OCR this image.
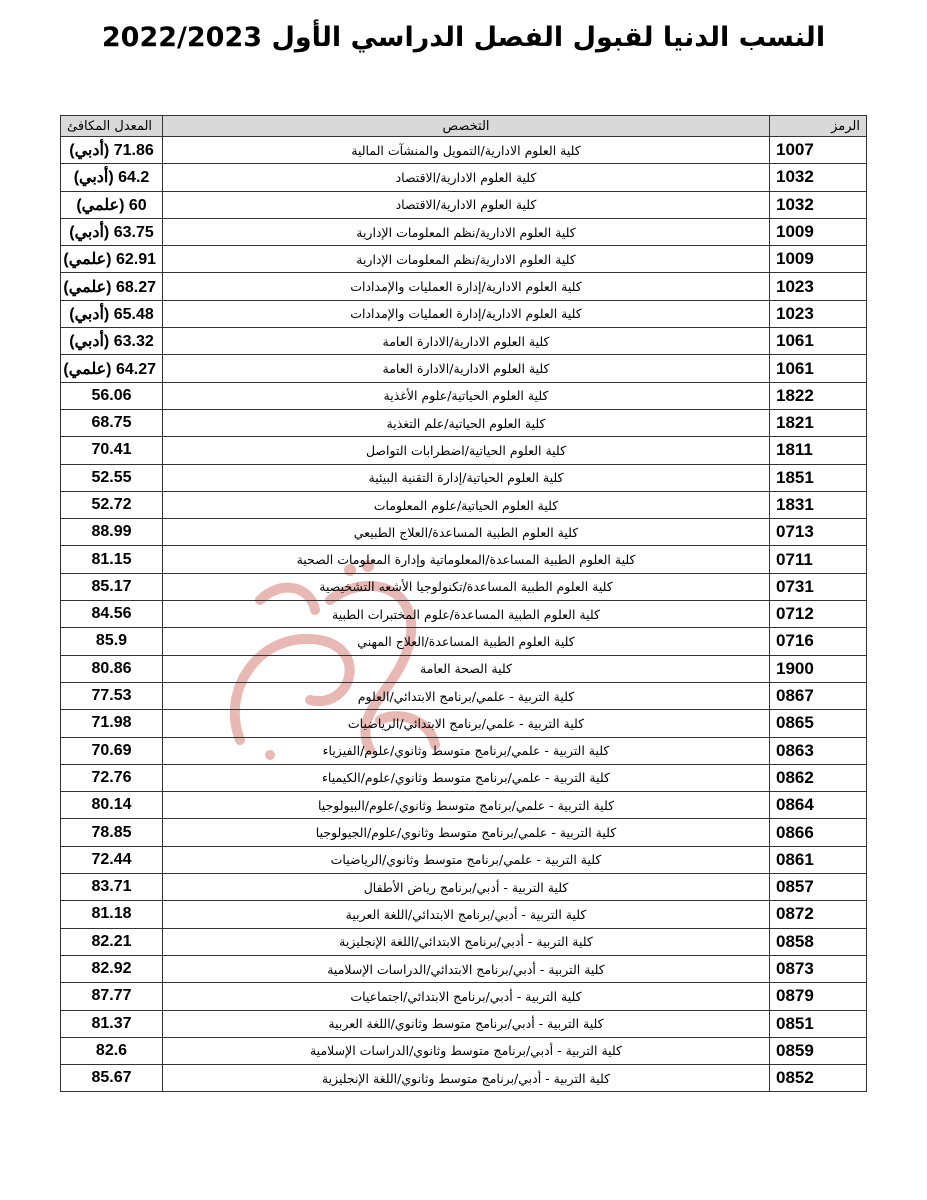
النسب الدنيا لقبول الفصل الدراسي الأول 2022/2023
الرمز	التخصص	المعدل المكافئ
1007	كلية العلوم الادارية/التمويل والمنشآت المالية	71.86 (أدبي)
1032	كلية العلوم الادارية/الاقتصاد	64.2 (أدبي)
1032	كلية العلوم الادارية/الاقتصاد	60 (علمي)
1009	كلية العلوم الادارية/نظم المعلومات الإدارية	63.75 (أدبي)
1009	كلية العلوم الادارية/نظم المعلومات الإدارية	62.91 (علمي)
1023	كلية العلوم الادارية/إدارة العمليات والإمدادات	68.27 (علمي)
1023	كلية العلوم الادارية/إدارة العمليات والإمدادات	65.48 (أدبي)
1061	كلية العلوم الادارية/الادارة العامة	63.32 (أدبي)
1061	كلية العلوم الادارية/الادارة العامة	64.27 (علمي)
1822	كلية العلوم الحياتية/علوم الأغذية	56.06
1821	كلية العلوم الحياتية/علم التغذية	68.75
1811	كلية العلوم الحياتية/اضطرابات التواصل	70.41
1851	كلية العلوم الحياتية/إدارة التقنية البيئية	52.55
1831	كلية العلوم الحياتية/علوم المعلومات	52.72
0713	كلية العلوم الطبية المساعدة/العلاج الطبيعي	88.99
0711	كلية العلوم الطبية المساعدة/المعلوماتية وإدارة المعلومات الصحية	81.15
0731	كلية العلوم الطبية المساعدة/تكنولوجيا الأشعه التشخيصية	85.17
0712	كلية العلوم الطبية المساعدة/علوم المختبرات الطبية	84.56
0716	كلية العلوم الطبية المساعدة/العلاج المهني	85.9
1900	كلية الصحة العامة	80.86
0867	كلية التربية - علمي/برنامج الابتدائي/العلوم	77.53
0865	كلية التربية - علمي/برنامج الابتدائي/الرياضيات	71.98
0863	كلية التربية - علمي/برنامج متوسط وثانوي/علوم/الفيزياء	70.69
0862	كلية التربية - علمي/برنامج متوسط وثانوي/علوم/الكيمياء	72.76
0864	كلية التربية - علمي/برنامج متوسط وثانوي/علوم/البيولوجيا	80.14
0866	كلية التربية - علمي/برنامج متوسط وثانوي/علوم/الجيولوجيا	78.85
0861	كلية التربية - علمي/برنامج متوسط وثانوي/الرياضيات	72.44
0857	كلية التربية - أدبي/برنامج رياض الأطفال	83.71
0872	كلية التربية - أدبي/برنامج الابتدائي/اللغة العربية	81.18
0858	كلية التربية - أدبي/برنامج الابتدائي/اللغة الإنجليزية	82.21
0873	كلية التربية - أدبي/برنامج الابتدائي/الدراسات الإسلامية	82.92
0879	كلية التربية - أدبي/برنامج الابتدائي/اجتماعيات	87.77
0851	كلية التربية - أدبي/برنامج متوسط وثانوي/اللغة العربية	81.37
0859	كلية التربية - أدبي/برنامج متوسط وثانوي/الدراسات الإسلامية	82.6
0852	كلية التربية - أدبي/برنامج متوسط وثانوي/اللغة الإنجليزية	85.67
